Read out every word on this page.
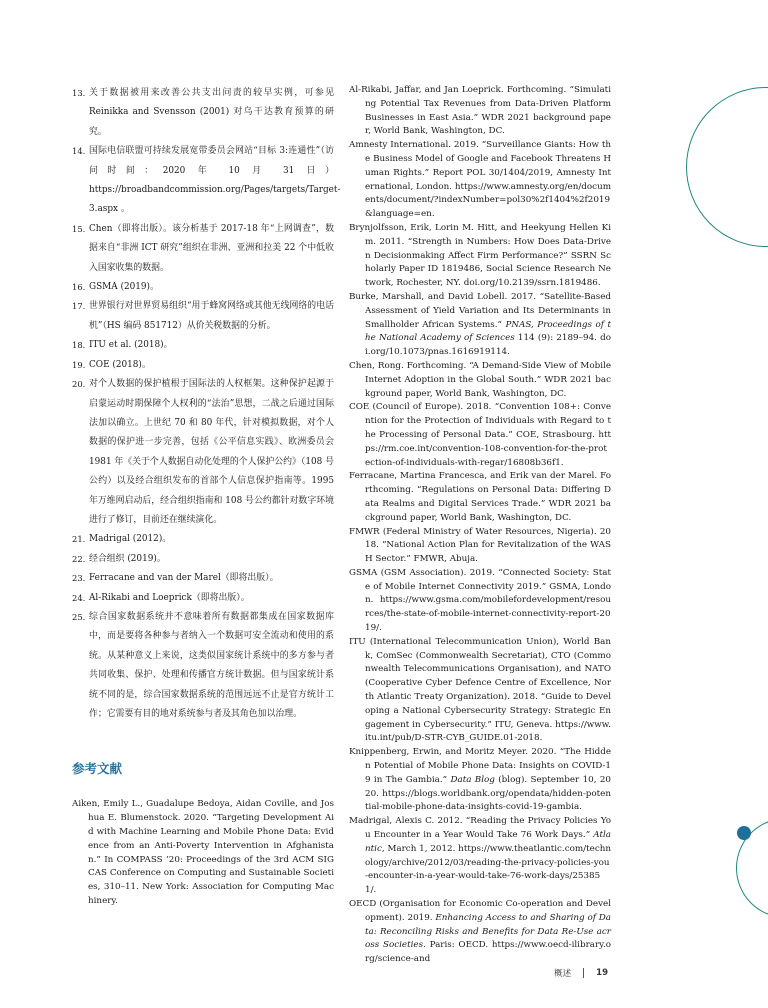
13. 关于数据被用来改善公共支出问责的较早实例，可参见 Reinikka and Svensson (2001) 对乌干达教育预算的研究。
14. 国际电信联盟可持续发展宽带委员会网站“目标 3:连通性”（访问时间：2020 年 10 月 31 日）https://broadbandcommission.org/Pages/targets/Target-3.aspx 。
15. Chen（即将出版）。该分析基于 2017-18 年“上网调查”，数据来自“非洲 ICT 研究”组织在非洲、亚洲和拉美 22 个中低收入国家收集的数据。
16. GSMA (2019)。
17. 世界银行对世界贸易组织“用于蜂窝网络或其他无线网络的电话机”（HS 编码 851712）从价关税数据的分析。
18. ITU et al. (2018)。
19. COE (2018)。
20. 对个人数据的保护植根于国际法的人权框架。这种保护起源于启蒙运动时期保障个人权利的“法治”思想，二战之后通过国际法加以确立。上世纪 70 和 80 年代，针对模拟数据，对个人数据的保护进一步完善，包括《公平信息实践》、欧洲委员会 1981 年《关于个人数据自动化处理的个人保护公约》（108 号公约）以及经合组织发布的首部个人信息保护指南等。1995 年万维网启动后，经合组织指南和 108 号公约都针对数字环境进行了修订，目前还在继续演化。
21. Madrigal (2012)。
22. 经合组织 (2019)。
23. Ferracane and van der Marel（即将出版）。
24. Al-Rikabi and Loeprick（即将出版）。
25. 综合国家数据系统并不意味着所有数据都集成在国家数据库中，而是要将各种参与者纳入一个数据可安全流动和使用的系统。从某种意义上来说，这类似国家统计系统中的多方参与者共同收集、保护、处理和传播官方统计数据。但与国家统计系统不同的是，综合国家数据系统的范围远远不止是官方统计工作；它需要有目的地对系统参与者及其角色加以治理。
参考文献

Aiken, Emily L., Guadalupe Bedoya, Aidan Coville, and Joshua E. Blumenstock. 2020. “Targeting Development Aid with Machine Learning and Mobile Phone Data: Evidence from an Anti-Poverty Intervention in Afghanistan.” In COMPASS ’20: Proceedings of the 3rd ACM SIGCAS Conference on Computing and Sustainable Societies, 310–11. New York: Association for Computing Machinery.

Al-Rikabi, Jaffar, and Jan Loeprick. Forthcoming. “Simulating Potential Tax Revenues from Data-Driven Platform Businesses in East Asia.” WDR 2021 background paper, World Bank, Washington, DC.

Amnesty International. 2019. “Surveillance Giants: How the Business Model of Google and Facebook Threatens Human Rights.” Report POL 30/1404/2019, Amnesty International, London. https://www.amnesty.org/en/documents/document/?indexNumber=pol30%2f1404%2f2019&language=en.

Brynjolfsson, Erik, Lorin M. Hitt, and Heekyung Hellen Kim. 2011. “Strength in Numbers: How Does Data-Driven Decisionmaking Affect Firm Performance?” SSRN Scholarly Paper ID 1819486, Social Science Research Network, Rochester, NY. doi.org/10.2139/ssrn.1819486.

Burke, Marshall, and David Lobell. 2017. “Satellite-Based Assessment of Yield Variation and Its Determinants in Smallholder African Systems.” PNAS, Proceedings of the National Academy of Sciences 114 (9): 2189–94. doi.org/10.1073/pnas.1616919114.

Chen, Rong. Forthcoming. “A Demand-Side View of Mobile Internet Adoption in the Global South.” WDR 2021 background paper, World Bank, Washington, DC.

COE (Council of Europe). 2018. “Convention 108+: Convention for the Protection of Individuals with Regard to the Processing of Personal Data.” COE, Strasbourg. https://rm.coe.int/convention-108-convention-for-the-protection-of-individuals-with-regar/16808b36f1.

Ferracane, Martina Francesca, and Erik van der Marel. Forthcoming. “Regulations on Personal Data: Differing Data Realms and Digital Services Trade.” WDR 2021 background paper, World Bank, Washington, DC.

FMWR (Federal Ministry of Water Resources, Nigeria). 2018. “National Action Plan for Revitalization of the WASH Sector.” FMWR, Abuja.

GSMA (GSM Association). 2019. “Connected Society: State of Mobile Internet Connectivity 2019.” GSMA, London. https://www.gsma.com/mobilefordevelopment/resources/the-state-of-mobile-internet-connectivity-report-2019/.

ITU (International Telecommunication Union), World Bank, ComSec (Commonwealth Secretariat), CTO (Commonwealth Telecommunications Organisation), and NATO (Cooperative Cyber Defence Centre of Excellence, North Atlantic Treaty Organization). 2018. “Guide to Developing a National Cybersecurity Strategy: Strategic Engagement in Cybersecurity.” ITU, Geneva. https://www.itu.int/pub/D-STR-CYB_GUIDE.01-2018.

Knippenberg, Erwin, and Moritz Meyer. 2020. “The Hidden Potential of Mobile Phone Data: Insights on COVID-19 in The Gambia.” Data Blog (blog). September 10, 2020. https://blogs.worldbank.org/opendata/hidden-potential-mobile-phone-data-insights-covid-19-gambia.

Madrigal, Alexis C. 2012. “Reading the Privacy Policies You Encounter in a Year Would Take 76 Work Days.” Atlantic, March 1, 2012. https://www.theatlantic.com/technology/archive/2012/03/reading-the-privacy-policies-you-encounter-in-a-year-would-take-76-work-days/253851/.

OECD (Organisation for Economic Co-operation and Development). 2019. Enhancing Access to and Sharing of Data: Reconciling Risks and Benefits for Data Re-Use across Societies. Paris: OECD. https://www.oecd-ilibrary.org/science-and

概述	19
